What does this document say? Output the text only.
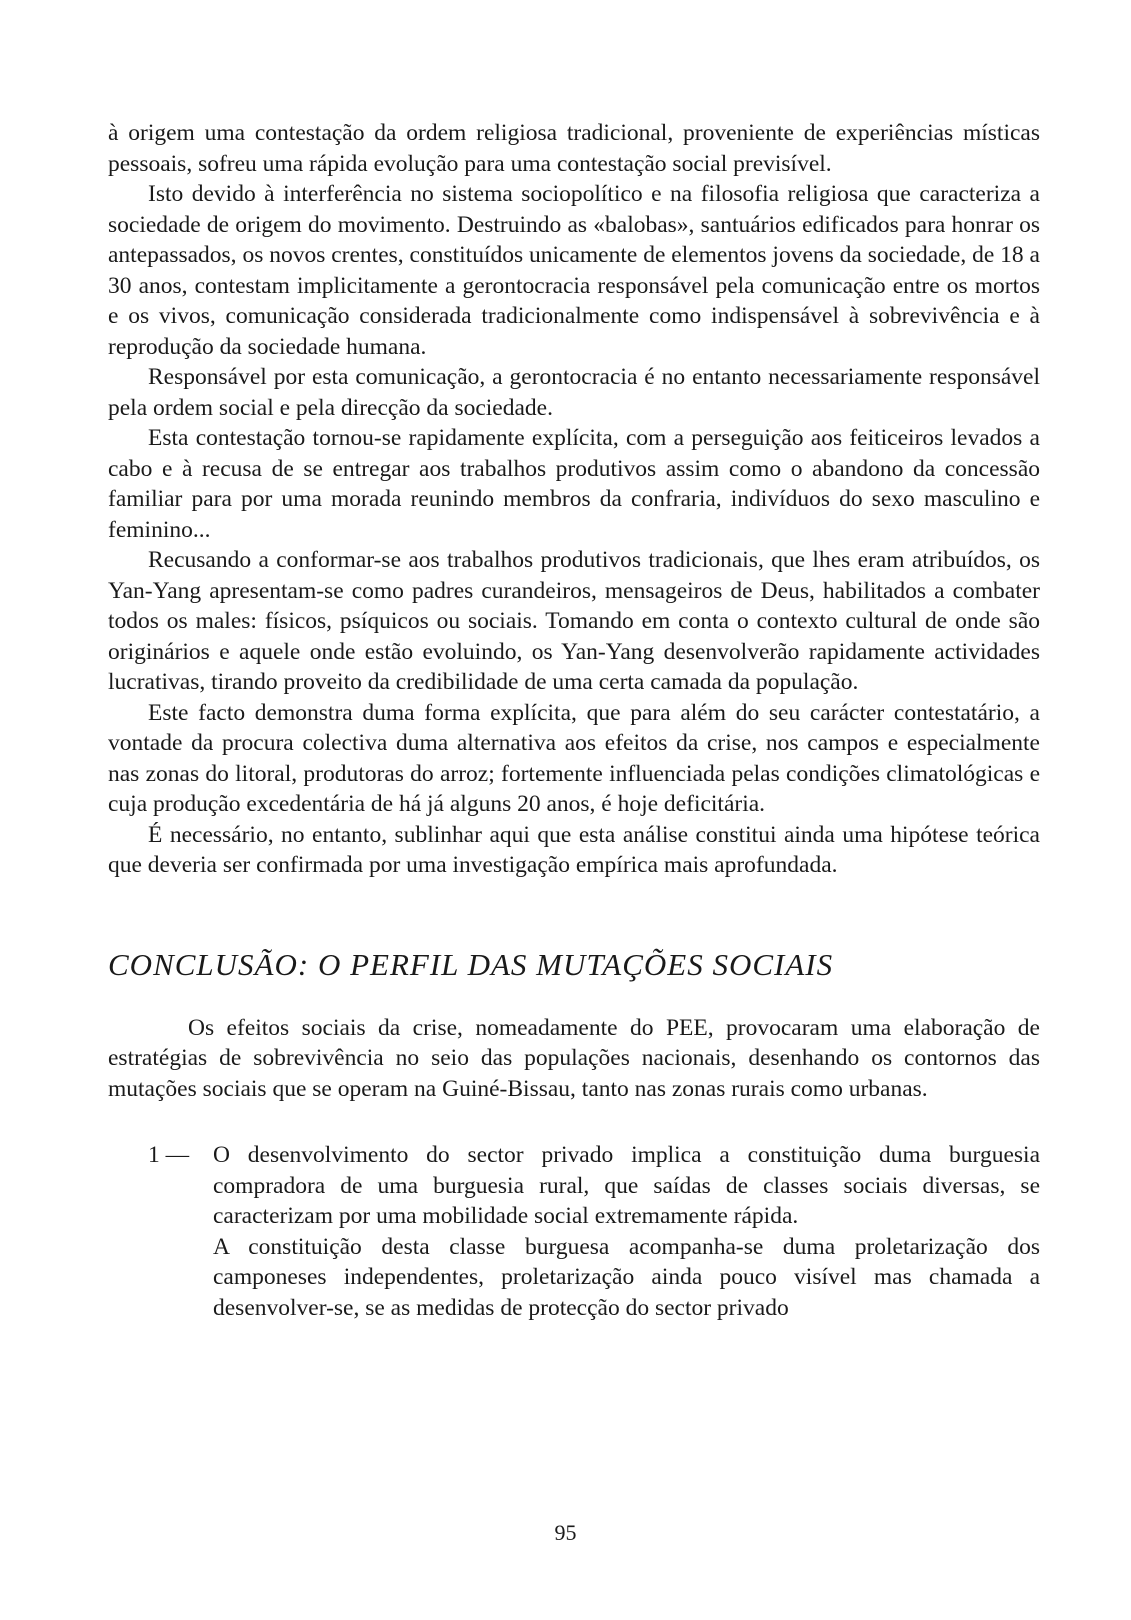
à origem uma contestação da ordem religiosa tradicional, proveniente de experiências místicas pessoais, sofreu uma rápida evolução para uma contestação social previsível.

Isto devido à interferência no sistema sociopolítico e na filosofia religiosa que caracteriza a sociedade de origem do movimento. Destruindo as «balobas», santuários edificados para honrar os antepassados, os novos crentes, constituídos unicamente de elementos jovens da sociedade, de 18 a 30 anos, contestam implicitamente a gerontocracia responsável pela comunicação entre os mortos e os vivos, comunicação considerada tradicionalmente como indispensável à sobrevivência e à reprodução da sociedade humana.

Responsável por esta comunicação, a gerontocracia é no entanto necessariamente responsável pela ordem social e pela direcção da sociedade.

Esta contestação tornou-se rapidamente explícita, com a perseguição aos feiticeiros levados a cabo e à recusa de se entregar aos trabalhos produtivos assim como o abandono da concessão familiar para por uma morada reunindo membros da confraria, indivíduos do sexo masculino e feminino...

Recusando a conformar-se aos trabalhos produtivos tradicionais, que lhes eram atribuídos, os Yan-Yang apresentam-se como padres curandeiros, mensageiros de Deus, habilitados a combater todos os males: físicos, psíquicos ou sociais. Tomando em conta o contexto cultural de onde são originários e aquele onde estão evoluindo, os Yan-Yang desenvolverão rapidamente actividades lucrativas, tirando proveito da credibilidade de uma certa camada da população.

Este facto demonstra duma forma explícita, que para além do seu carácter contestatário, a vontade da procura colectiva duma alternativa aos efeitos da crise, nos campos e especialmente nas zonas do litoral, produtoras do arroz; fortemente influenciada pelas condições climatológicas e cuja produção excedentária de há já alguns 20 anos, é hoje deficitária.

É necessário, no entanto, sublinhar aqui que esta análise constitui ainda uma hipótese teórica que deveria ser confirmada por uma investigação empírica mais aprofundada.

CONCLUSÃO: O PERFIL DAS MUTAÇÕES SOCIAIS

Os efeitos sociais da crise, nomeadamente do PEE, provocaram uma elaboração de estratégias de sobrevivência no seio das populações nacionais, desenhando os contornos das mutações sociais que se operam na Guiné-Bissau, tanto nas zonas rurais como urbanas.

1 — O desenvolvimento do sector privado implica a constituição duma burguesia compradora de uma burguesia rural, que saídas de classes sociais diversas, se caracterizam por uma mobilidade social extremamente rápida.

A constituição desta classe burguesa acompanha-se duma proletarização dos camponeses independentes, proletarização ainda pouco visível mas chamada a desenvolver-se, se as medidas de protecção do sector privado

95
